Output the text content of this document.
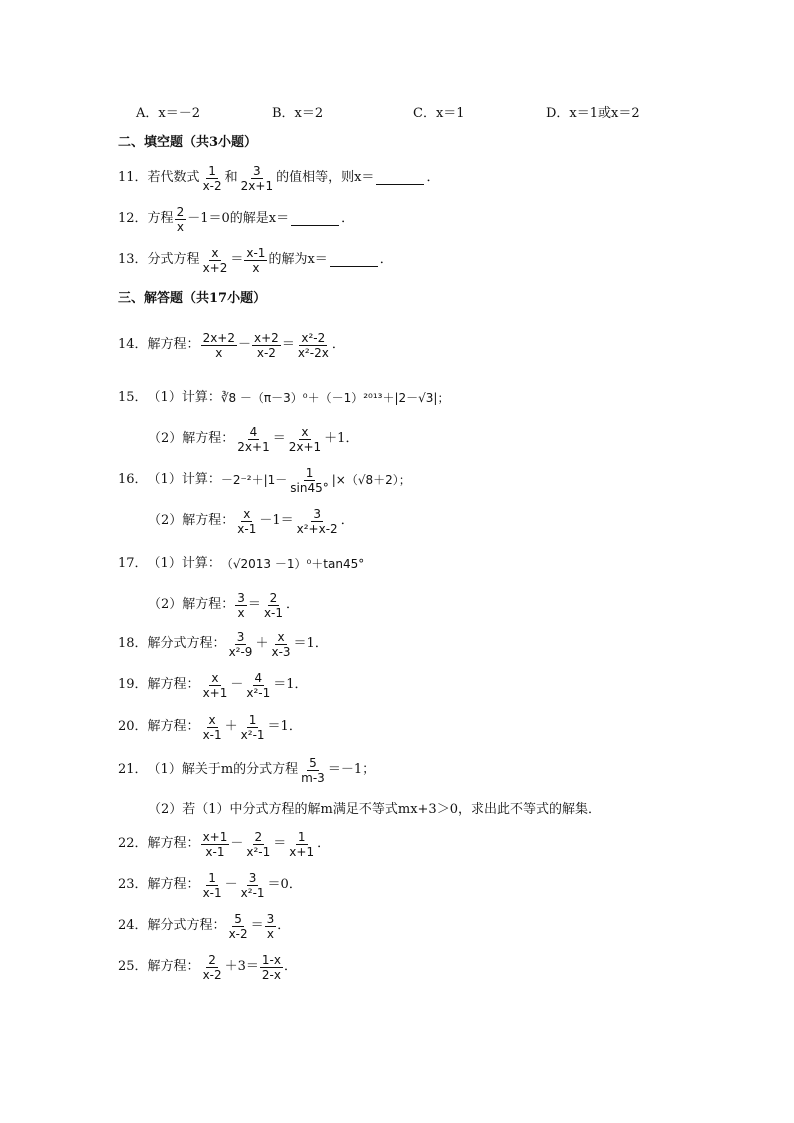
A．x＝－2	B．x＝2	C．x＝1	D．x＝1或x＝2
二、填空题（共3小题）
11． 若代数式 1
x-2
和 3
2x+1
的值相等，则x＝	．
12． 方程 2
x
－1＝0的解是x＝	．
13． 分式方程 x
x+2
＝ x-1
x
的解为x＝	．
三、解答题（共17小题）
14． 解方程： 2x+2
x
－ x+2
x-2
＝ x²-2
x²-2x
．
15． （1）计算： ∛8 －（π－3）⁰＋（－1）²⁰¹³＋|2－√3|；
（2）解方程： 4
2x+1
＝ x
2x+1
＋1．
16． （1）计算： －2⁻²＋|1－
1
sin45°
|×（√8＋2）；
（2）解方程： x
x-1
－1＝ 3
x²+x-2
．
17． （1）计算： （√2013 －1）⁰＋tan45°
（2）解方程： 3
x
＝ 2
x-1
．
18． 解分式方程： 3
x²-9
＋ x
x-3
＝1．
19． 解方程： x
x+1
－ 4
x²-1
＝1．
20． 解方程： x
x-1
＋ 1
x²-1
＝1．
21． （1）解关于m的分式方程 5
m-3
＝－1；
（2）若（1）中分式方程的解m满足不等式mx+3＞0，求出此不等式的解集．
22． 解方程： x+1
x-1
－ 2
x²-1
＝ 1
x+1
．
23． 解方程： 1
x-1
－ 3
x²-1
＝0．
24． 解分式方程： 5
x-2
＝ 3
x
．
25． 解方程： 2
x-2
＋3＝ 1-x
2-x
．
